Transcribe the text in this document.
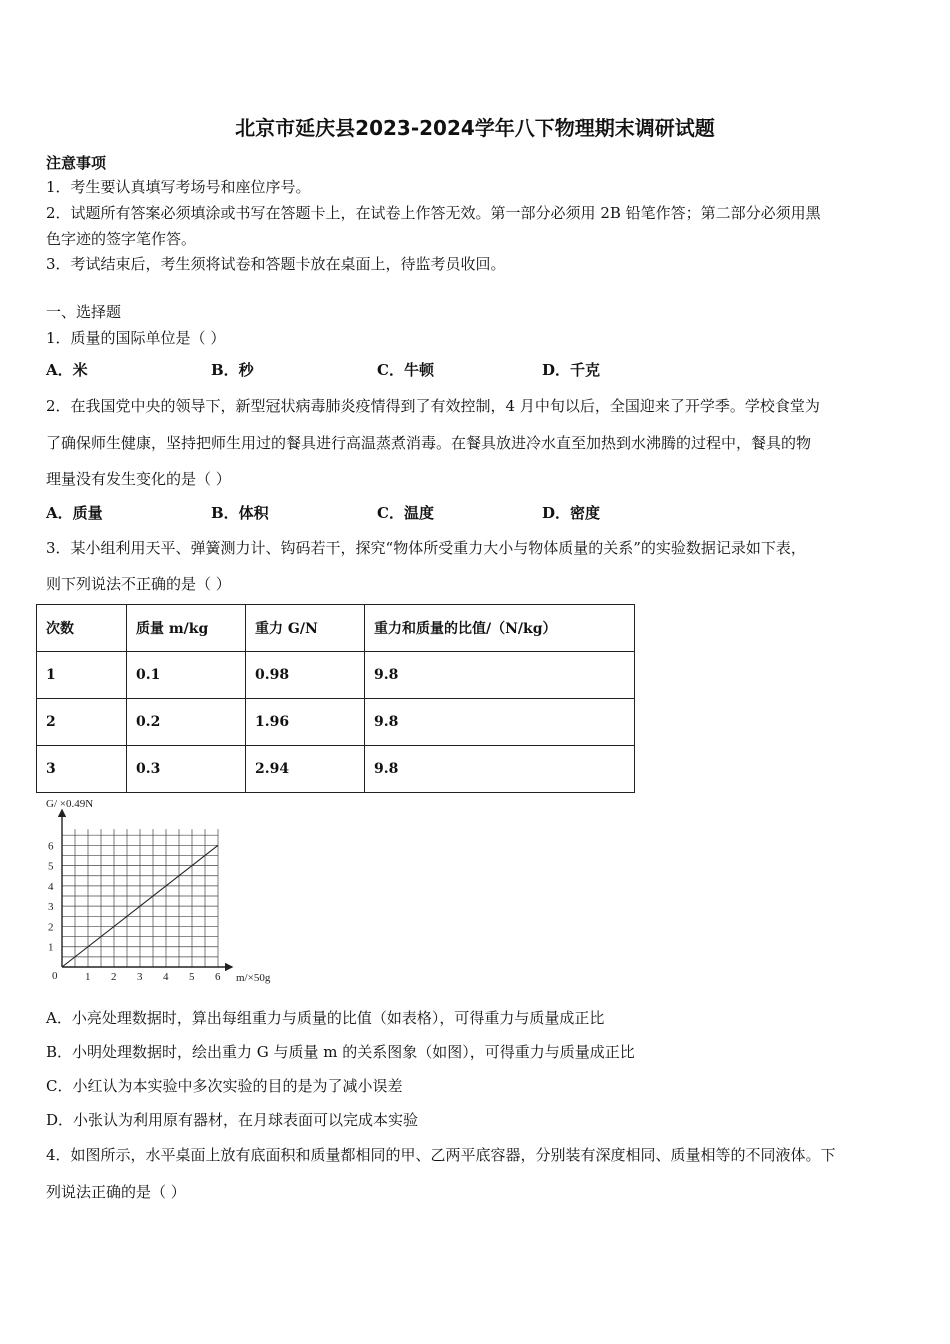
北京市延庆县2023-2024学年八下物理期末调研试题
注意事项
1．考生要认真填写考场号和座位序号。
2．试题所有答案必须填涂或书写在答题卡上，在试卷上作答无效。第一部分必须用 2B 铅笔作答；第二部分必须用黑
色字迹的签字笔作答。
3．考试结束后，考生须将试卷和答题卡放在桌面上，待监考员收回。
一、选择题
1．质量的国际单位是（ ）
A．米	B．秒	C．牛顿	D．千克
2．在我国党中央的领导下，新型冠状病毒肺炎疫情得到了有效控制，4 月中旬以后，全国迎来了开学季。学校食堂为
了确保师生健康，坚持把师生用过的餐具进行高温蒸煮消毒。在餐具放进冷水直至加热到水沸腾的过程中，餐具的物
理量没有发生变化的是（ ）
A．质量	B．体积	C．温度	D．密度
3．某小组利用天平、弹簧测力计、钩码若干，探究“物体所受重力大小与物体质量的关系”的实验数据记录如下表，
则下列说法不正确的是（ ）
次数	质量 m/kg	重力 G/N	重力和质量的比值/（N/kg）
1	0.1	0.98	9.8
2	0.2	1.96	9.8
3	0.3	2.94	9.8
1 2 3 4 5 6
1
2
3
4
5
6
G/ ×0.49N
m/×50g
0
A．小亮处理数据时，算出每组重力与质量的比值（如表格），可得重力与质量成正比
B．小明处理数据时，绘出重力 G 与质量 m 的关系图象（如图），可得重力与质量成正比
C．小红认为本实验中多次实验的目的是为了减小误差
D．小张认为利用原有器材，在月球表面可以完成本实验
4．如图所示，水平桌面上放有底面积和质量都相同的甲、乙两平底容器，分别装有深度相同、质量相等的不同液体。下
列说法正确的是（ ）
